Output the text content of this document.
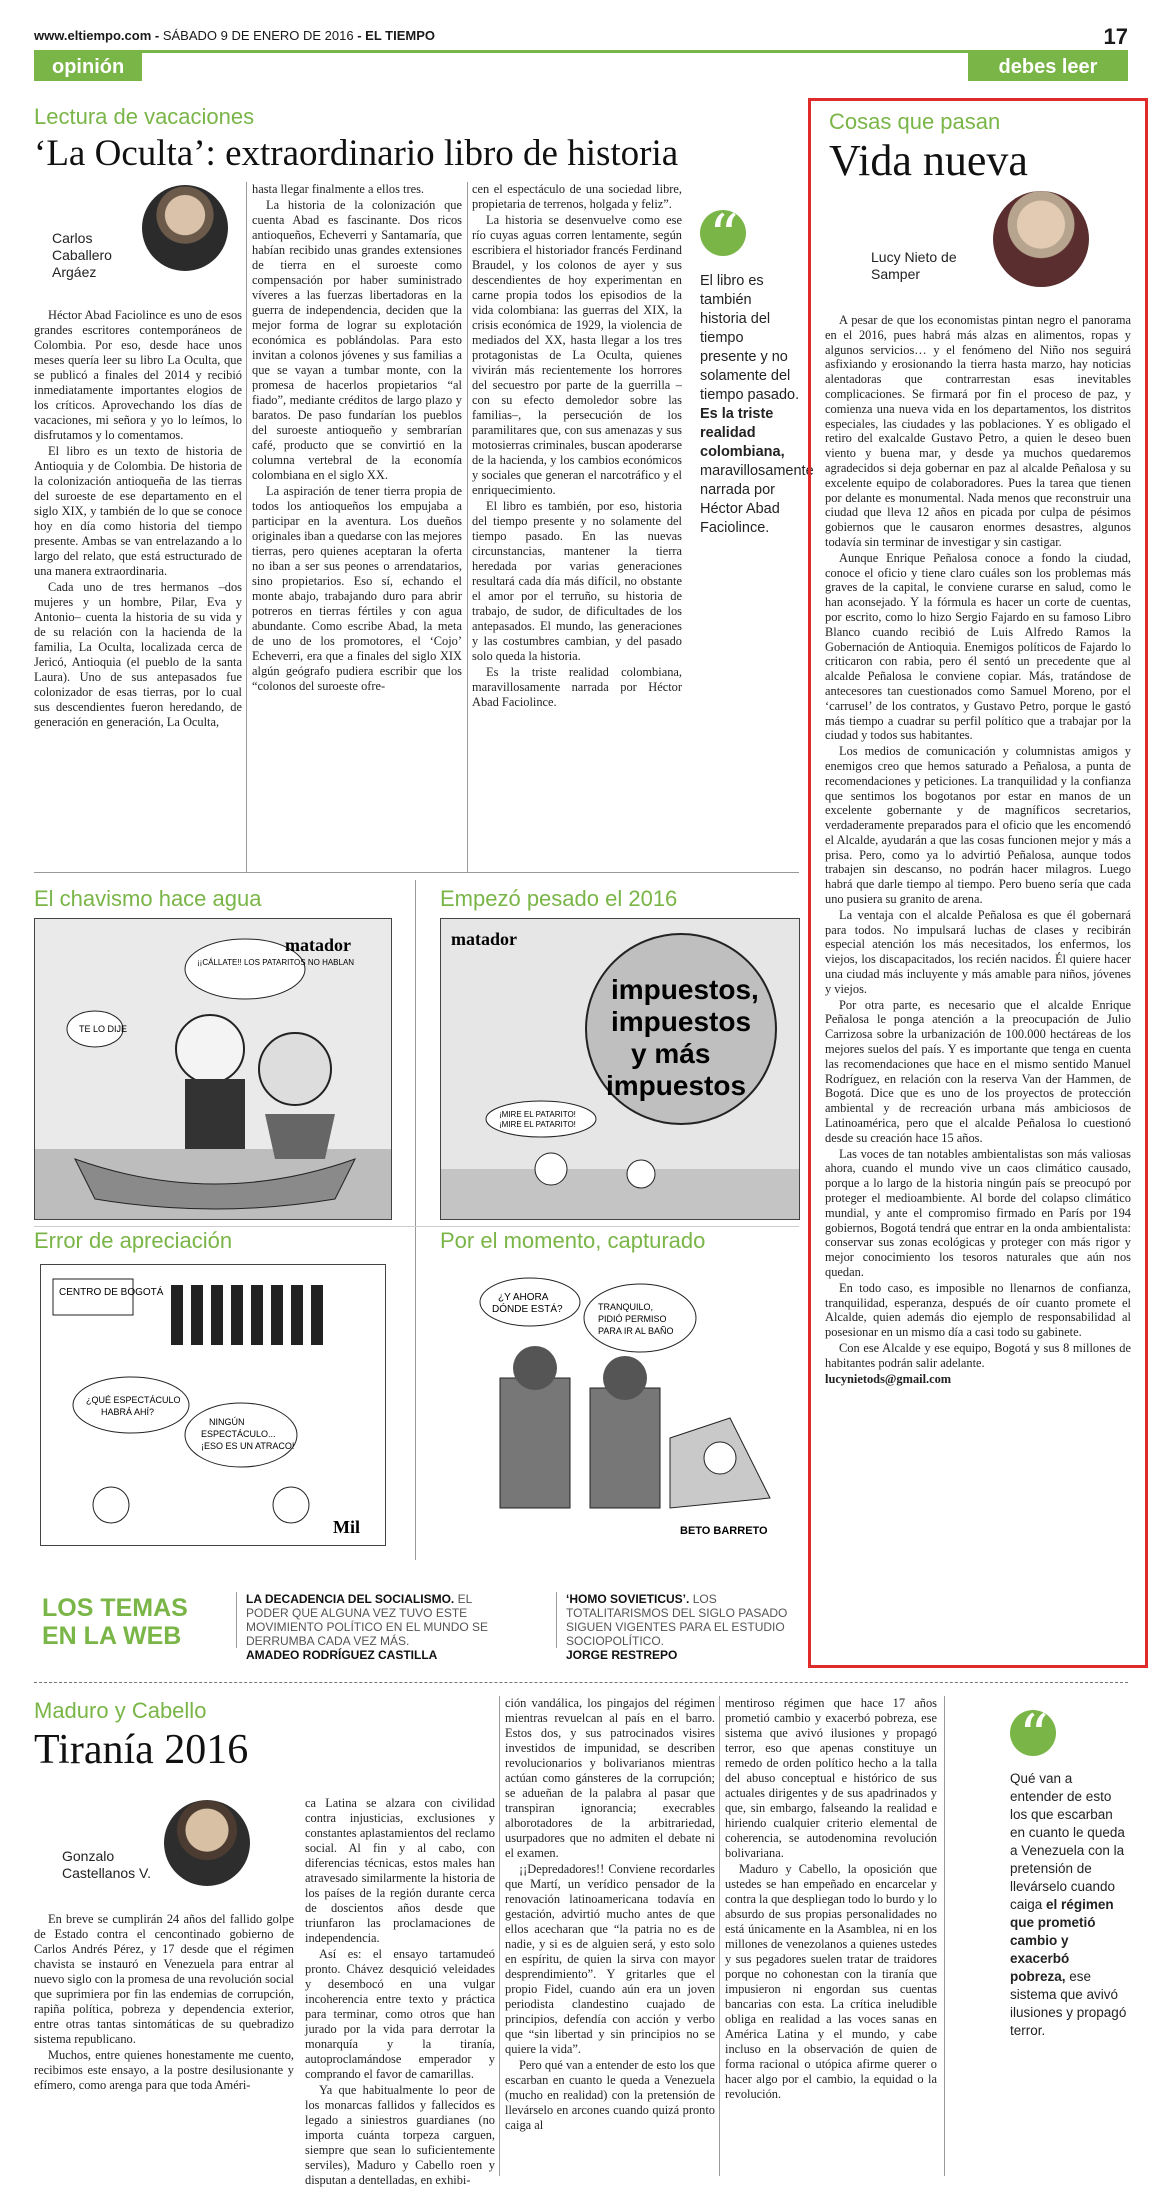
www.eltiempo.com - SÁBADO 9 DE ENERO DE 2016 - EL TIEMPO	17
opinión	debes leer
Lectura de vacaciones
‘La Oculta’: extraordinario libro de historia
Carlos Caballero Argáez

Héctor Abad Faciolince es uno de esos grandes escritores contemporáneos de Colombia. Por eso, desde hace unos meses quería leer su libro La Oculta, que se publicó a finales del 2014 y recibió inmediatamente importantes elogios de los críticos. Aprovechando los días de vacaciones, mi señora y yo lo leímos, lo disfrutamos y lo comentamos.

El libro es un texto de historia de Antioquia y de Colombia. De historia de la colonización antioqueña de las tierras del suroeste de ese departamento en el siglo XIX, y también de lo que se conoce hoy en día como historia del tiempo presente. Ambas se van entrelazando a lo largo del relato, que está estructurado de una manera extraordinaria.

Cada uno de tres hermanos –dos mujeres y un hombre, Pilar, Eva y Antonio– cuenta la historia de su vida y de su relación con la hacienda de la familia, La Oculta, localizada cerca de Jericó, Antioquia (el pueblo de la santa Laura). Uno de sus antepasados fue colonizador de esas tierras, por lo cual sus descendientes fueron heredando, de generación en generación, La Oculta,

hasta llegar finalmente a ellos tres.

La historia de la colonización que cuenta Abad es fascinante. Dos ricos antioqueños, Echeverri y Santamaría, que habían recibido unas grandes extensiones de tierra en el suroeste como compensación por haber suministrado víveres a las fuerzas libertadoras en la guerra de independencia, deciden que la mejor forma de lograr su explotación económica es poblándolas. Para esto invitan a colonos jóvenes y sus familias a que se vayan a tumbar monte, con la promesa de hacerlos propietarios “al fiado”, mediante créditos de largo plazo y baratos. De paso fundarían los pueblos del suroeste antioqueño y sembrarían café, producto que se convirtió en la columna vertebral de la economía colombiana en el siglo XX.

La aspiración de tener tierra propia de todos los antioqueños los empujaba a participar en la aventura. Los dueños originales iban a quedarse con las mejores tierras, pero quienes aceptaran la oferta no iban a ser sus peones o arrendatarios, sino propietarios. Eso sí, echando el monte abajo, trabajando duro para abrir potreros en tierras fértiles y con agua abundante. Como escribe Abad, la meta de uno de los promotores, el ‘Cojo’ Echeverri, era que a finales del siglo XIX algún geógrafo pudiera escribir que los “colonos del suroeste ofre-

cen el espectáculo de una sociedad libre, propietaria de terrenos, holgada y feliz”.

La historia se desenvuelve como ese río cuyas aguas corren lentamente, según escribiera el historiador francés Ferdinand Braudel, y los colonos de ayer y sus descendientes de hoy experimentan en carne propia todos los episodios de la vida colombiana: las guerras del XIX, la crisis económica de 1929, la violencia de mediados del XX, hasta llegar a los tres protagonistas de La Oculta, quienes vivirán más recientemente los horrores del secuestro por parte de la guerrilla –con su efecto demoledor sobre las familias–, la persecución de los paramilitares que, con sus amenazas y sus motosierras criminales, buscan apoderarse de la hacienda, y los cambios económicos y sociales que generan el narcotráfico y el enriquecimiento.

El libro es también, por eso, historia del tiempo presente y no solamente del tiempo pasado. En las nuevas circunstancias, mantener la tierra heredada por varias generaciones resultará cada día más difícil, no obstante el amor por el terruño, su historia de trabajo, de sudor, de dificultades de los antepasados. El mundo, las generaciones y las costumbres cambian, y del pasado solo queda la historia.

Es la triste realidad colombiana, maravillosamente narrada por Héctor Abad Faciolince.

“
El libro es también historia del tiempo presente y no solamente del tiempo pasado. Es la triste realidad colombiana, maravillosamente narrada por Héctor Abad Faciolince.
Cosas que pasan
Vida nueva
Lucy Nieto de Samper

A pesar de que los economistas pintan negro el panorama en el 2016, pues habrá más alzas en alimentos, ropas y algunos servicios… y el fenómeno del Niño nos seguirá asfixiando y erosionando la tierra hasta marzo, hay noticias alentadoras que contrarrestan esas inevitables complicaciones. Se firmará por fin el proceso de paz, y comienza una nueva vida en los departamentos, los distritos especiales, las ciudades y las poblaciones. Y es obligado el retiro del exalcalde Gustavo Petro, a quien le deseo buen viento y buena mar, y desde ya muchos quedaremos agradecidos si deja gobernar en paz al alcalde Peñalosa y su excelente equipo de colaboradores. Pues la tarea que tienen por delante es monumental. Nada menos que reconstruir una ciudad que lleva 12 años en picada por culpa de pésimos gobiernos que le causaron enormes desastres, algunos todavía sin terminar de investigar y sin castigar.

Aunque Enrique Peñalosa conoce a fondo la ciudad, conoce el oficio y tiene claro cuáles son los problemas más graves de la capital, le conviene curarse en salud, como le han aconsejado. Y la fórmula es hacer un corte de cuentas, por escrito, como lo hizo Sergio Fajardo en su famoso Libro Blanco cuando recibió de Luis Alfredo Ramos la Gobernación de Antioquia. Enemigos políticos de Fajardo lo criticaron con rabia, pero él sentó un precedente que al alcalde Peñalosa le conviene copiar. Más, tratándose de antecesores tan cuestionados como Samuel Moreno, por el ‘carrusel’ de los contratos, y Gustavo Petro, porque le gastó más tiempo a cuadrar su perfil político que a trabajar por la ciudad y todos sus habitantes.

Los medios de comunicación y columnistas amigos y enemigos creo que hemos saturado a Peñalosa, a punta de recomendaciones y peticiones. La tranquilidad y la confianza que sentimos los bogotanos por estar en manos de un excelente gobernante y de magníficos secretarios, verdaderamente preparados para el oficio que les encomendó el Alcalde, ayudarán a que las cosas funcionen mejor y más a prisa. Pero, como ya lo advirtió Peñalosa, aunque todos trabajen sin descanso, no podrán hacer milagros. Luego habrá que darle tiempo al tiempo. Pero bueno sería que cada uno pusiera su granito de arena.

La ventaja con el alcalde Peñalosa es que él gobernará para todos. No impulsará luchas de clases y recibirán especial atención los más necesitados, los enfermos, los viejos, los discapacitados, los recién nacidos. Él quiere hacer una ciudad más incluyente y más amable para niños, jóvenes y viejos.

Por otra parte, es necesario que el alcalde Enrique Peñalosa le ponga atención a la preocupación de Julio Carrizosa sobre la urbanización de 100.000 hectáreas de los mejores suelos del país. Y es importante que tenga en cuenta las recomendaciones que hace en el mismo sentido Manuel Rodríguez, en relación con la reserva Van der Hammen, de Bogotá. Dice que es uno de los proyectos de protección ambiental y de recreación urbana más ambiciosos de Latinoamérica, pero que el alcalde Peñalosa lo cuestionó desde su creación hace 15 años.

Las voces de tan notables ambientalistas son más valiosas ahora, cuando el mundo vive un caos climático causado, porque a lo largo de la historia ningún país se preocupó por proteger el medioambiente. Al borde del colapso climático mundial, y ante el compromiso firmado en París por 194 gobiernos, Bogotá tendrá que entrar en la onda ambientalista: conservar sus zonas ecológicas y proteger con más rigor y mejor conocimiento los tesoros naturales que aún nos quedan.

En todo caso, es imposible no llenarnos de confianza, tranquilidad, esperanza, después de oír cuanto promete el Alcalde, quien además dio ejemplo de responsabilidad al posesionar en un mismo día a casi todo su gabinete.

Con ese Alcalde y ese equipo, Bogotá y sus 8 millones de habitantes podrán salir adelante.

lucynietods@gmail.com

El chavismo hace agua
TE LO DIJE
¡¡CÁLLATE!! LOS PATARITOS NO HABLAN
matador
Empezó pesado el 2016
impuestos,
impuestos
y más
impuestos
¡MIRE EL PATARITO!
¡MIRE EL PATARITO!
matador
Error de apreciación
CENTRO DE BOGOTÁ
¿QUÉ ESPECTÁCULO
HABRÁ AHÍ?
NINGÚN
ESPECTÁCULO...
¡ESO ES UN ATRACO!
Mil
Por el momento, capturado
¿Y AHORA
DÓNDE ESTÁ?	TRANQUILO,
PIDIÓ PERMISO
PARA IR AL BAÑO
BETO BARRETO
LOS TEMAS
EN LA WEB
LA DECADENCIA DEL SOCIALISMO. EL PODER QUE ALGUNA VEZ TUVO ESTE MOVIMIENTO POLÍTICO EN EL MUNDO SE DERRUMBA CADA VEZ MÁS.
AMADEO RODRÍGUEZ CASTILLA
‘HOMO SOVIETICUS’. LOS TOTALITARISMOS DEL SIGLO PASADO SIGUEN VIGENTES PARA EL ESTUDIO SOCIOPOLÍTICO.
JORGE RESTREPO
Maduro y Cabello
Tiranía 2016
Gonzalo Castellanos V.

En breve se cumplirán 24 años del fallido golpe de Estado contra el cencontinado gobierno de Carlos Andrés Pérez, y 17 desde que el régimen chavista se instauró en Venezuela para entrar al nuevo siglo con la promesa de una revolución social que suprimiera por fin las endemias de corrupción, rapiña política, pobreza y dependencia exterior, entre otras tantas sintomáticas de su quebradizo sistema republicano.

Muchos, entre quienes honestamente me cuento, recibimos este ensayo, a la postre desilusionante y efímero, como arenga para que toda Améri-

ca Latina se alzara con civilidad contra injusticias, exclusiones y constantes aplastamientos del reclamo social. Al fin y al cabo, con diferencias técnicas, estos males han atravesado similarmente la historia de los países de la región durante cerca de doscientos años desde que triunfaron las proclamaciones de independencia.

Así es: el ensayo tartamudeó pronto. Chávez desquició veleidades y desembocó en una vulgar incoherencia entre texto y práctica para terminar, como otros que han jurado por la vida para derrotar la monarquía y la tiranía, autoproclamándose emperador y comprando el favor de camarillas.

Ya que habitualmente lo peor de los monarcas fallidos y fallecidos es legado a siniestros guardianes (no importa cuánta torpeza carguen, siempre que sean lo suficientemente serviles), Maduro y Cabello roen y disputan a dentelladas, en exhibi-

ción vandálica, los pingajos del régimen mientras revuelcan al país en el barro. Estos dos, y sus patrocinados visires investidos de impunidad, se describen revolucionarios y bolivarianos mientras actúan como gánsteres de la corrupción; se adueñan de la palabra al pasar que transpiran ignorancia; execrables alborotadores de la arbitrariedad, usurpadores que no admiten el debate ni el examen.

¡¡Depredadores!! Conviene recordarles que Martí, un verídico pensador de la renovación latinoamericana todavía en gestación, advirtió mucho antes de que ellos acecharan que “la patria no es de nadie, y si es de alguien será, y esto solo en espíritu, de quien la sirva con mayor desprendimiento”. Y gritarles que el propio Fidel, cuando aún era un joven periodista clandestino cuajado de principios, defendía con acción y verbo que “sin libertad y sin principios no se quiere la vida”.

Pero qué van a entender de esto los que escarban en cuanto le queda a Venezuela (mucho en realidad) con la pretensión de llevárselo en arcones cuando quizá pronto caiga al

mentiroso régimen que hace 17 años prometió cambio y exacerbó pobreza, ese sistema que avivó ilusiones y propagó terror, eso que apenas constituye un remedo de orden político hecho a la talla del abuso conceptual e histórico de sus actuales dirigentes y de sus apadrinados y que, sin embargo, falseando la realidad e hiriendo cualquier criterio elemental de coherencia, se autodenomina revolución bolivariana.

Maduro y Cabello, la oposición que ustedes se han empeñado en encarcelar y contra la que despliegan todo lo burdo y lo absurdo de sus propias personalidades no está únicamente en la Asamblea, ni en los millones de venezolanos a quienes ustedes y sus pegadores suelen tratar de traidores porque no cohonestan con la tiranía que impusieron ni engordan sus cuentas bancarias con esta. La crítica ineludible obliga en realidad a las voces sanas en América Latina y el mundo, y cabe incluso en la observación de quien de forma racional o utópica afirme querer o hacer algo por el cambio, la equidad o la revolución.

“
Qué van a entender de esto los que escarban en cuanto le queda a Venezuela con la pretensión de llevárselo cuando caiga el régimen que prometió cambio y exacerbó pobreza, ese sistema que avivó ilusiones y propagó terror.
